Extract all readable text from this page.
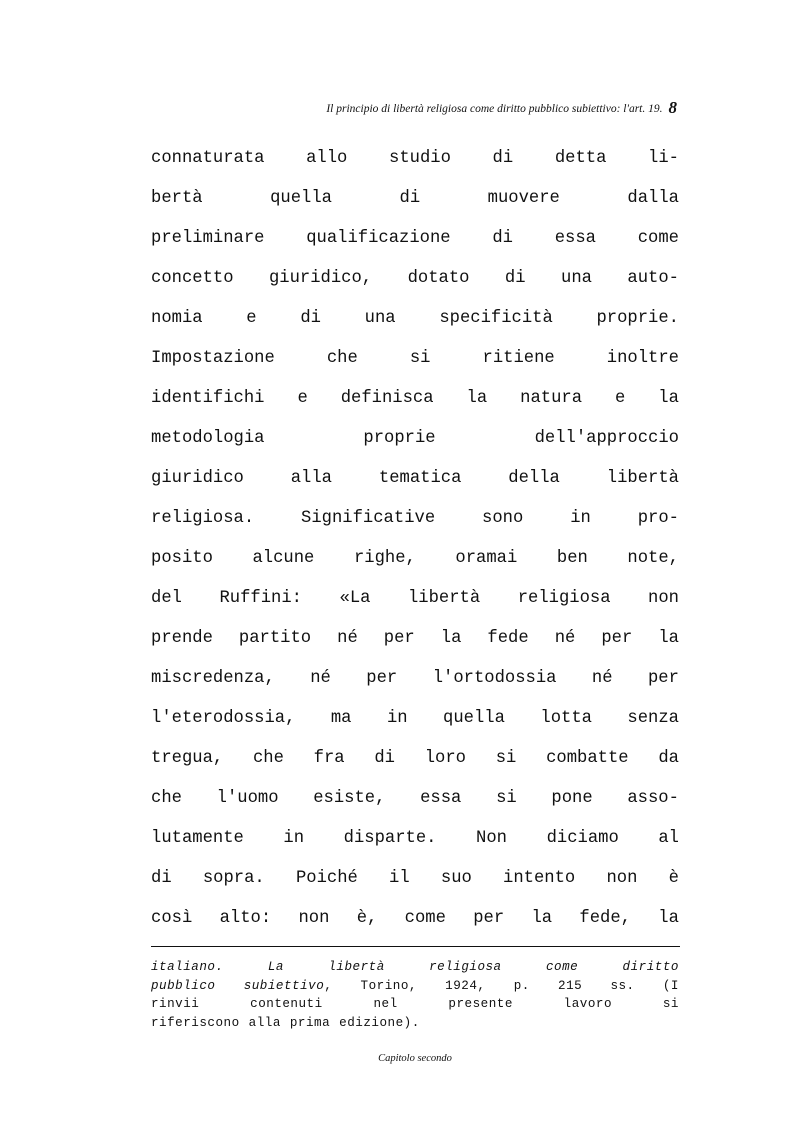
Il principio di libertà religiosa come diritto pubblico subiettivo: l'art. 19. 8
connaturata allo studio di detta li-
bertà	quella	di	muovere	dalla
preliminare qualificazione di essa come
concetto giuridico, dotato di una auto-
nomia	e	di	una	specificità	proprie.
Impostazione	che	si	ritiene	inoltre
identifichi e definisca la natura e la
metodologia	proprie	dell'approccio
giuridico	alla	tematica	della	libertà
religiosa.	Significative	sono	in	pro-
posito alcune righe, oramai ben note,
del Ruffini: «La libertà religiosa non
prende partito né per la fede né per la
miscredenza, né per l'ortodossia né per
l'eterodossia, ma in quella lotta senza
tregua, che fra di loro si combatte da
che l'uomo esiste, essa si pone asso-
lutamente in disparte. Non diciamo al
di sopra. Poiché il suo intento non è
così alto: non è, come per la fede, la
italiano.	La	libertà	religiosa	come	diritto
pubblico subiettivo, Torino, 1924, p. 215 ss. (I
rinvii	contenuti	nel	presente	lavoro	si
riferiscono alla prima edizione).
Capitolo secondo
